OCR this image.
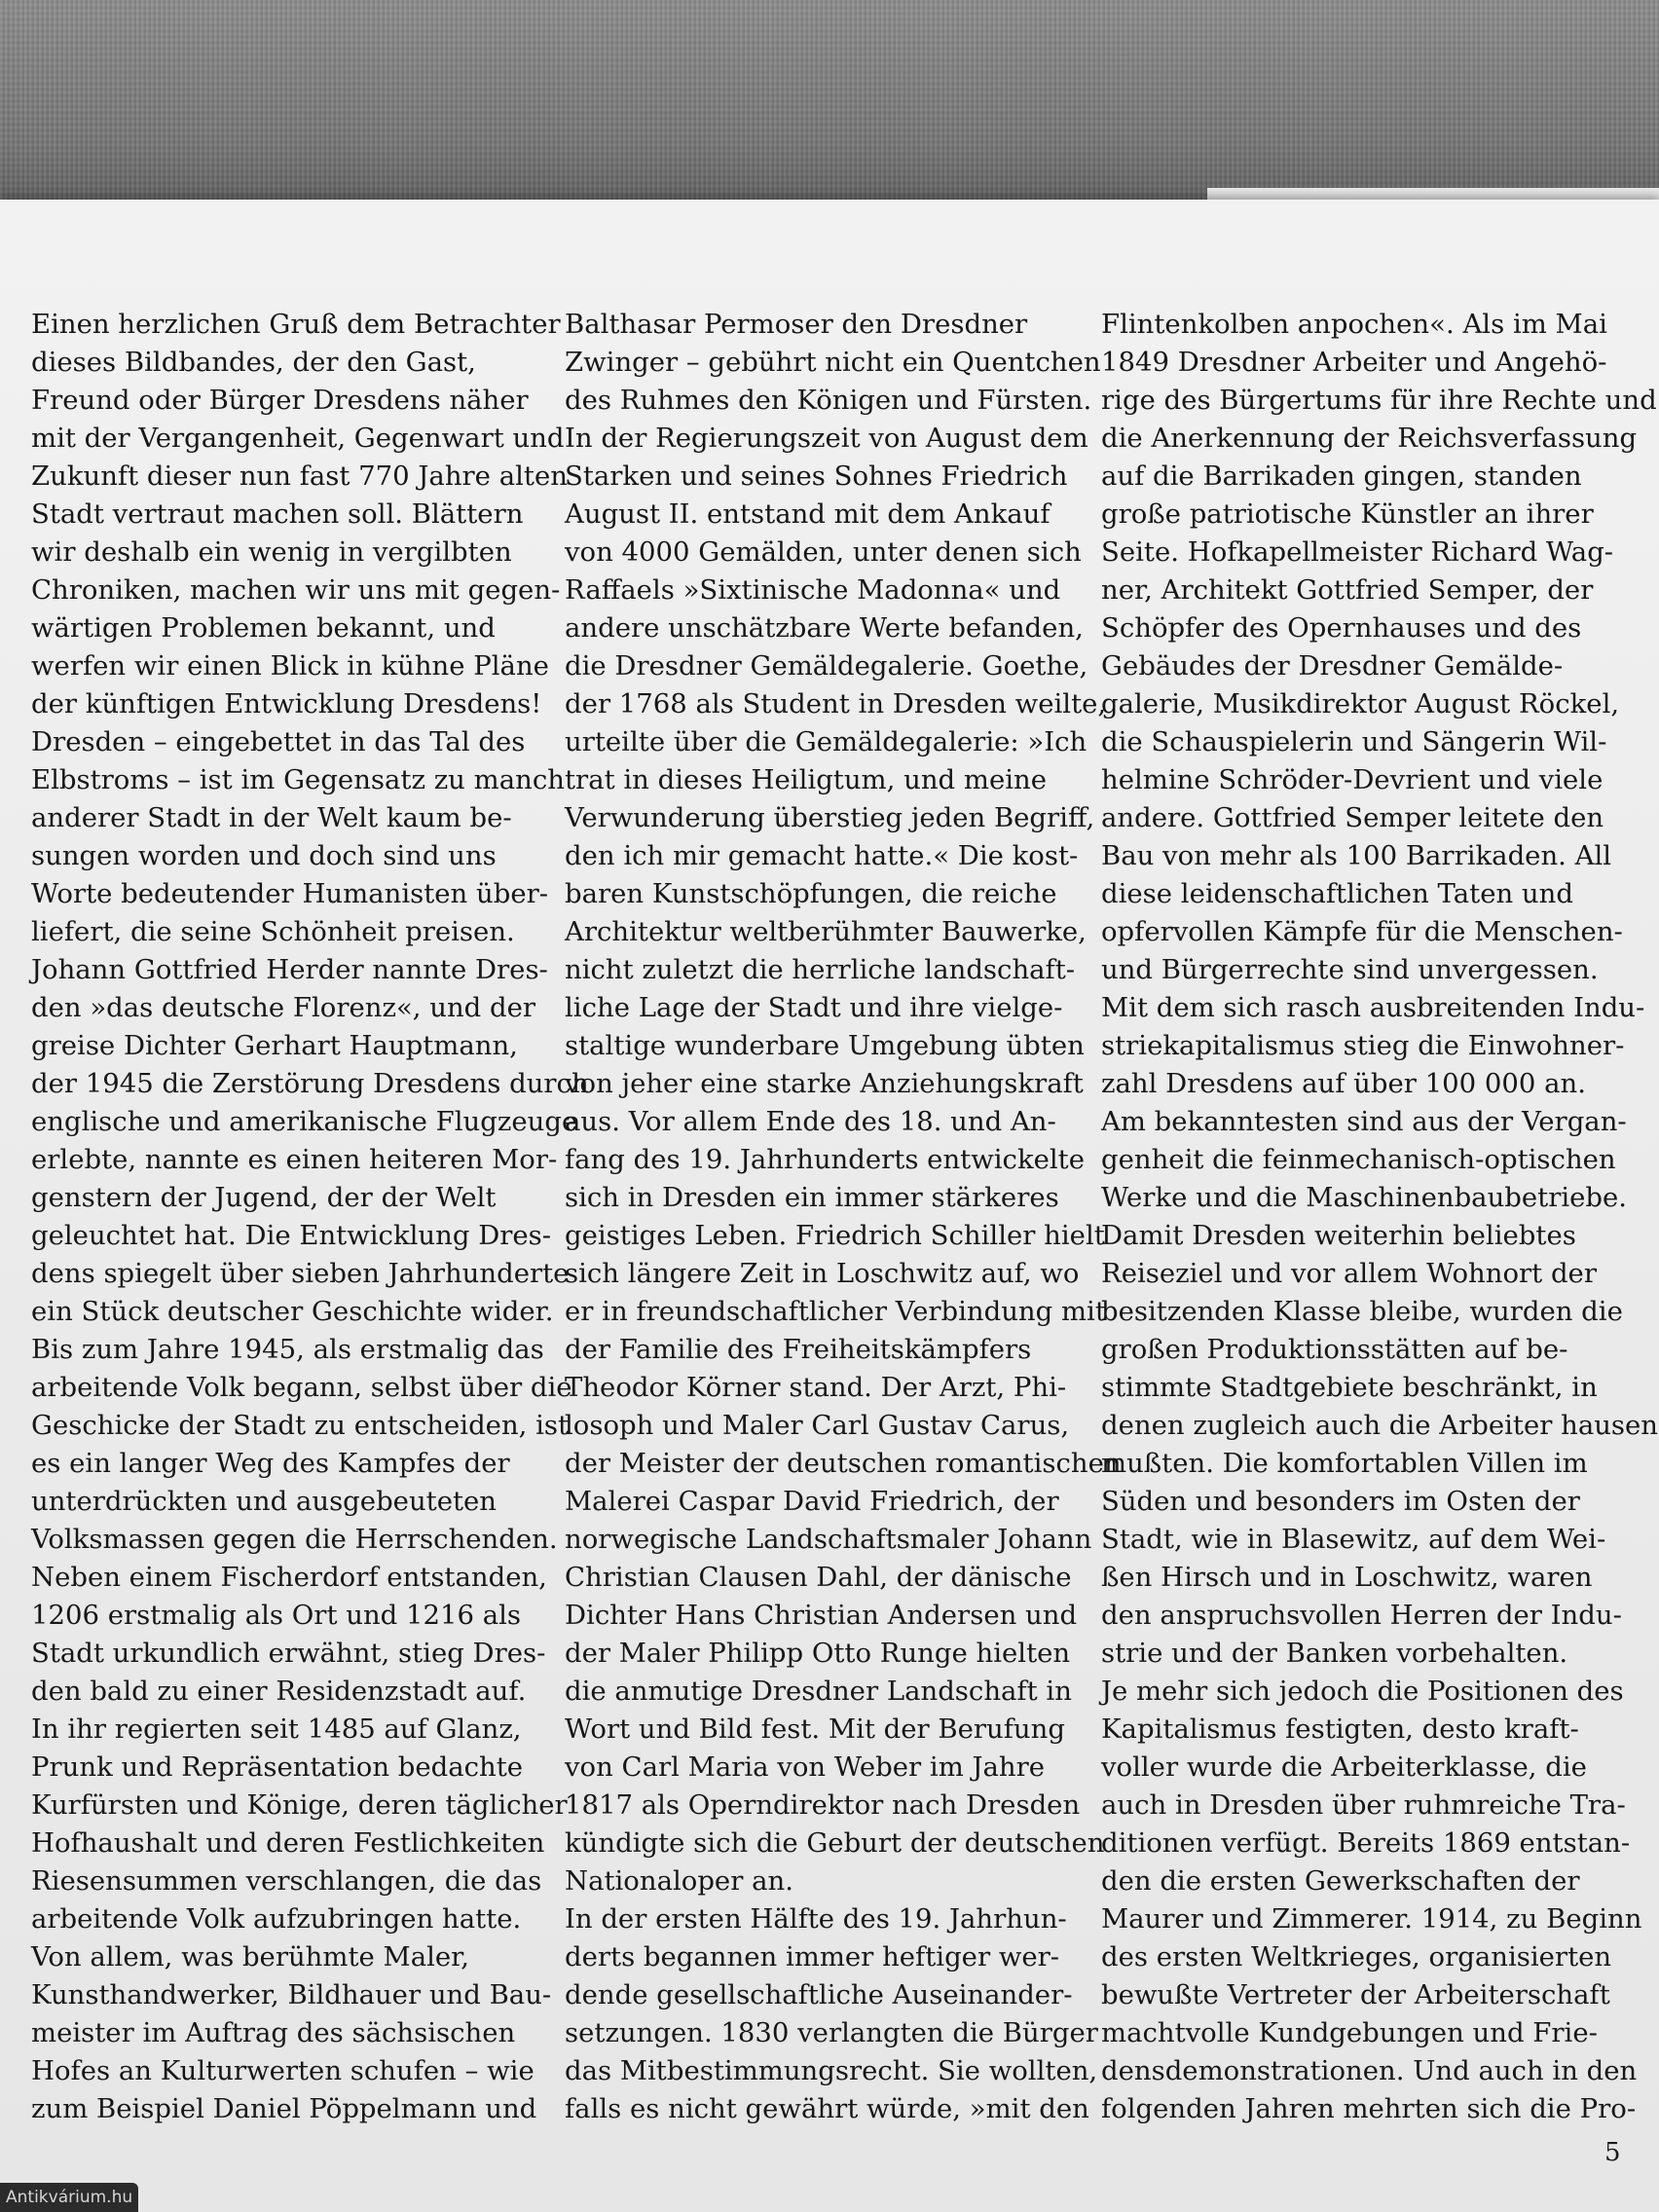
Einen herzlichen Gruß dem Betrachter
dieses Bildbandes, der den Gast,
Freund oder Bürger Dresdens näher
mit der Vergangenheit, Gegenwart und
Zukunft dieser nun fast 770 Jahre alten
Stadt vertraut machen soll. Blättern
wir deshalb ein wenig in vergilbten
Chroniken, machen wir uns mit gegen-
wärtigen Problemen bekannt, und
werfen wir einen Blick in kühne Pläne
der künftigen Entwicklung Dresdens!
Dresden – eingebettet in das Tal des
Elbstroms – ist im Gegensatz zu manch
anderer Stadt in der Welt kaum be-
sungen worden und doch sind uns
Worte bedeutender Humanisten über-
liefert, die seine Schönheit preisen.
Johann Gottfried Herder nannte Dres-
den »das deutsche Florenz«, und der
greise Dichter Gerhart Hauptmann,
der 1945 die Zerstörung Dresdens durch
englische und amerikanische Flugzeuge
erlebte, nannte es einen heiteren Mor-
genstern der Jugend, der der Welt
geleuchtet hat. Die Entwicklung Dres-
dens spiegelt über sieben Jahrhunderte
ein Stück deutscher Geschichte wider.
Bis zum Jahre 1945, als erstmalig das
arbeitende Volk begann, selbst über die
Geschicke der Stadt zu entscheiden, ist
es ein langer Weg des Kampfes der
unterdrückten und ausgebeuteten
Volksmassen gegen die Herrschenden.
Neben einem Fischerdorf entstanden,
1206 erstmalig als Ort und 1216 als
Stadt urkundlich erwähnt, stieg Dres-
den bald zu einer Residenzstadt auf.
In ihr regierten seit 1485 auf Glanz,
Prunk und Repräsentation bedachte
Kurfürsten und Könige, deren täglicher
Hofhaushalt und deren Festlichkeiten
Riesensummen verschlangen, die das
arbeitende Volk aufzubringen hatte.
Von allem, was berühmte Maler,
Kunsthandwerker, Bildhauer und Bau-
meister im Auftrag des sächsischen
Hofes an Kulturwerten schufen – wie
zum Beispiel Daniel Pöppelmann und
Balthasar Permoser den Dresdner
Zwinger – gebührt nicht ein Quentchen
des Ruhmes den Königen und Fürsten.
In der Regierungszeit von August dem
Starken und seines Sohnes Friedrich
August II. entstand mit dem Ankauf
von 4000 Gemälden, unter denen sich
Raffaels »Sixtinische Madonna« und
andere unschätzbare Werte befanden,
die Dresdner Gemäldegalerie. Goethe,
der 1768 als Student in Dresden weilte,
urteilte über die Gemäldegalerie: »Ich
trat in dieses Heiligtum, und meine
Verwunderung überstieg jeden Begriff,
den ich mir gemacht hatte.« Die kost-
baren Kunstschöpfungen, die reiche
Architektur weltberühmter Bauwerke,
nicht zuletzt die herrliche landschaft-
liche Lage der Stadt und ihre vielge-
staltige wunderbare Umgebung übten
von jeher eine starke Anziehungskraft
aus. Vor allem Ende des 18. und An-
fang des 19. Jahrhunderts entwickelte
sich in Dresden ein immer stärkeres
geistiges Leben. Friedrich Schiller hielt
sich längere Zeit in Loschwitz auf, wo
er in freundschaftlicher Verbindung mit
der Familie des Freiheitskämpfers
Theodor Körner stand. Der Arzt, Phi-
losoph und Maler Carl Gustav Carus,
der Meister der deutschen romantischen
Malerei Caspar David Friedrich, der
norwegische Landschaftsmaler Johann
Christian Clausen Dahl, der dänische
Dichter Hans Christian Andersen und
der Maler Philipp Otto Runge hielten
die anmutige Dresdner Landschaft in
Wort und Bild fest. Mit der Berufung
von Carl Maria von Weber im Jahre
1817 als Operndirektor nach Dresden
kündigte sich die Geburt der deutschen
Nationaloper an.
In der ersten Hälfte des 19. Jahrhun-
derts begannen immer heftiger wer-
dende gesellschaftliche Auseinander-
setzungen. 1830 verlangten die Bürger
das Mitbestimmungsrecht. Sie wollten,
falls es nicht gewährt würde, »mit den
Flintenkolben anpochen«. Als im Mai
1849 Dresdner Arbeiter und Angehö-
rige des Bürgertums für ihre Rechte und
die Anerkennung der Reichsverfassung
auf die Barrikaden gingen, standen
große patriotische Künstler an ihrer
Seite. Hofkapellmeister Richard Wag-
ner, Architekt Gottfried Semper, der
Schöpfer des Opernhauses und des
Gebäudes der Dresdner Gemälde-
galerie, Musikdirektor August Röckel,
die Schauspielerin und Sängerin Wil-
helmine Schröder-Devrient und viele
andere. Gottfried Semper leitete den
Bau von mehr als 100 Barrikaden. All
diese leidenschaftlichen Taten und
opfervollen Kämpfe für die Menschen-
und Bürgerrechte sind unvergessen.
Mit dem sich rasch ausbreitenden Indu-
striekapitalismus stieg die Einwohner-
zahl Dresdens auf über 100 000 an.
Am bekanntesten sind aus der Vergan-
genheit die feinmechanisch-optischen
Werke und die Maschinenbaubetriebe.
Damit Dresden weiterhin beliebtes
Reiseziel und vor allem Wohnort der
besitzenden Klasse bleibe, wurden die
großen Produktionsstätten auf be-
stimmte Stadtgebiete beschränkt, in
denen zugleich auch die Arbeiter hausen
mußten. Die komfortablen Villen im
Süden und besonders im Osten der
Stadt, wie in Blasewitz, auf dem Wei-
ßen Hirsch und in Loschwitz, waren
den anspruchsvollen Herren der Indu-
strie und der Banken vorbehalten.
Je mehr sich jedoch die Positionen des
Kapitalismus festigten, desto kraft-
voller wurde die Arbeiterklasse, die
auch in Dresden über ruhmreiche Tra-
ditionen verfügt. Bereits 1869 entstan-
den die ersten Gewerkschaften der
Maurer und Zimmerer. 1914, zu Beginn
des ersten Weltkrieges, organisierten
bewußte Vertreter der Arbeiterschaft
machtvolle Kundgebungen und Frie-
densdemonstrationen. Und auch in den
folgenden Jahren mehrten sich die Pro-
5
Antikvárium.hu
